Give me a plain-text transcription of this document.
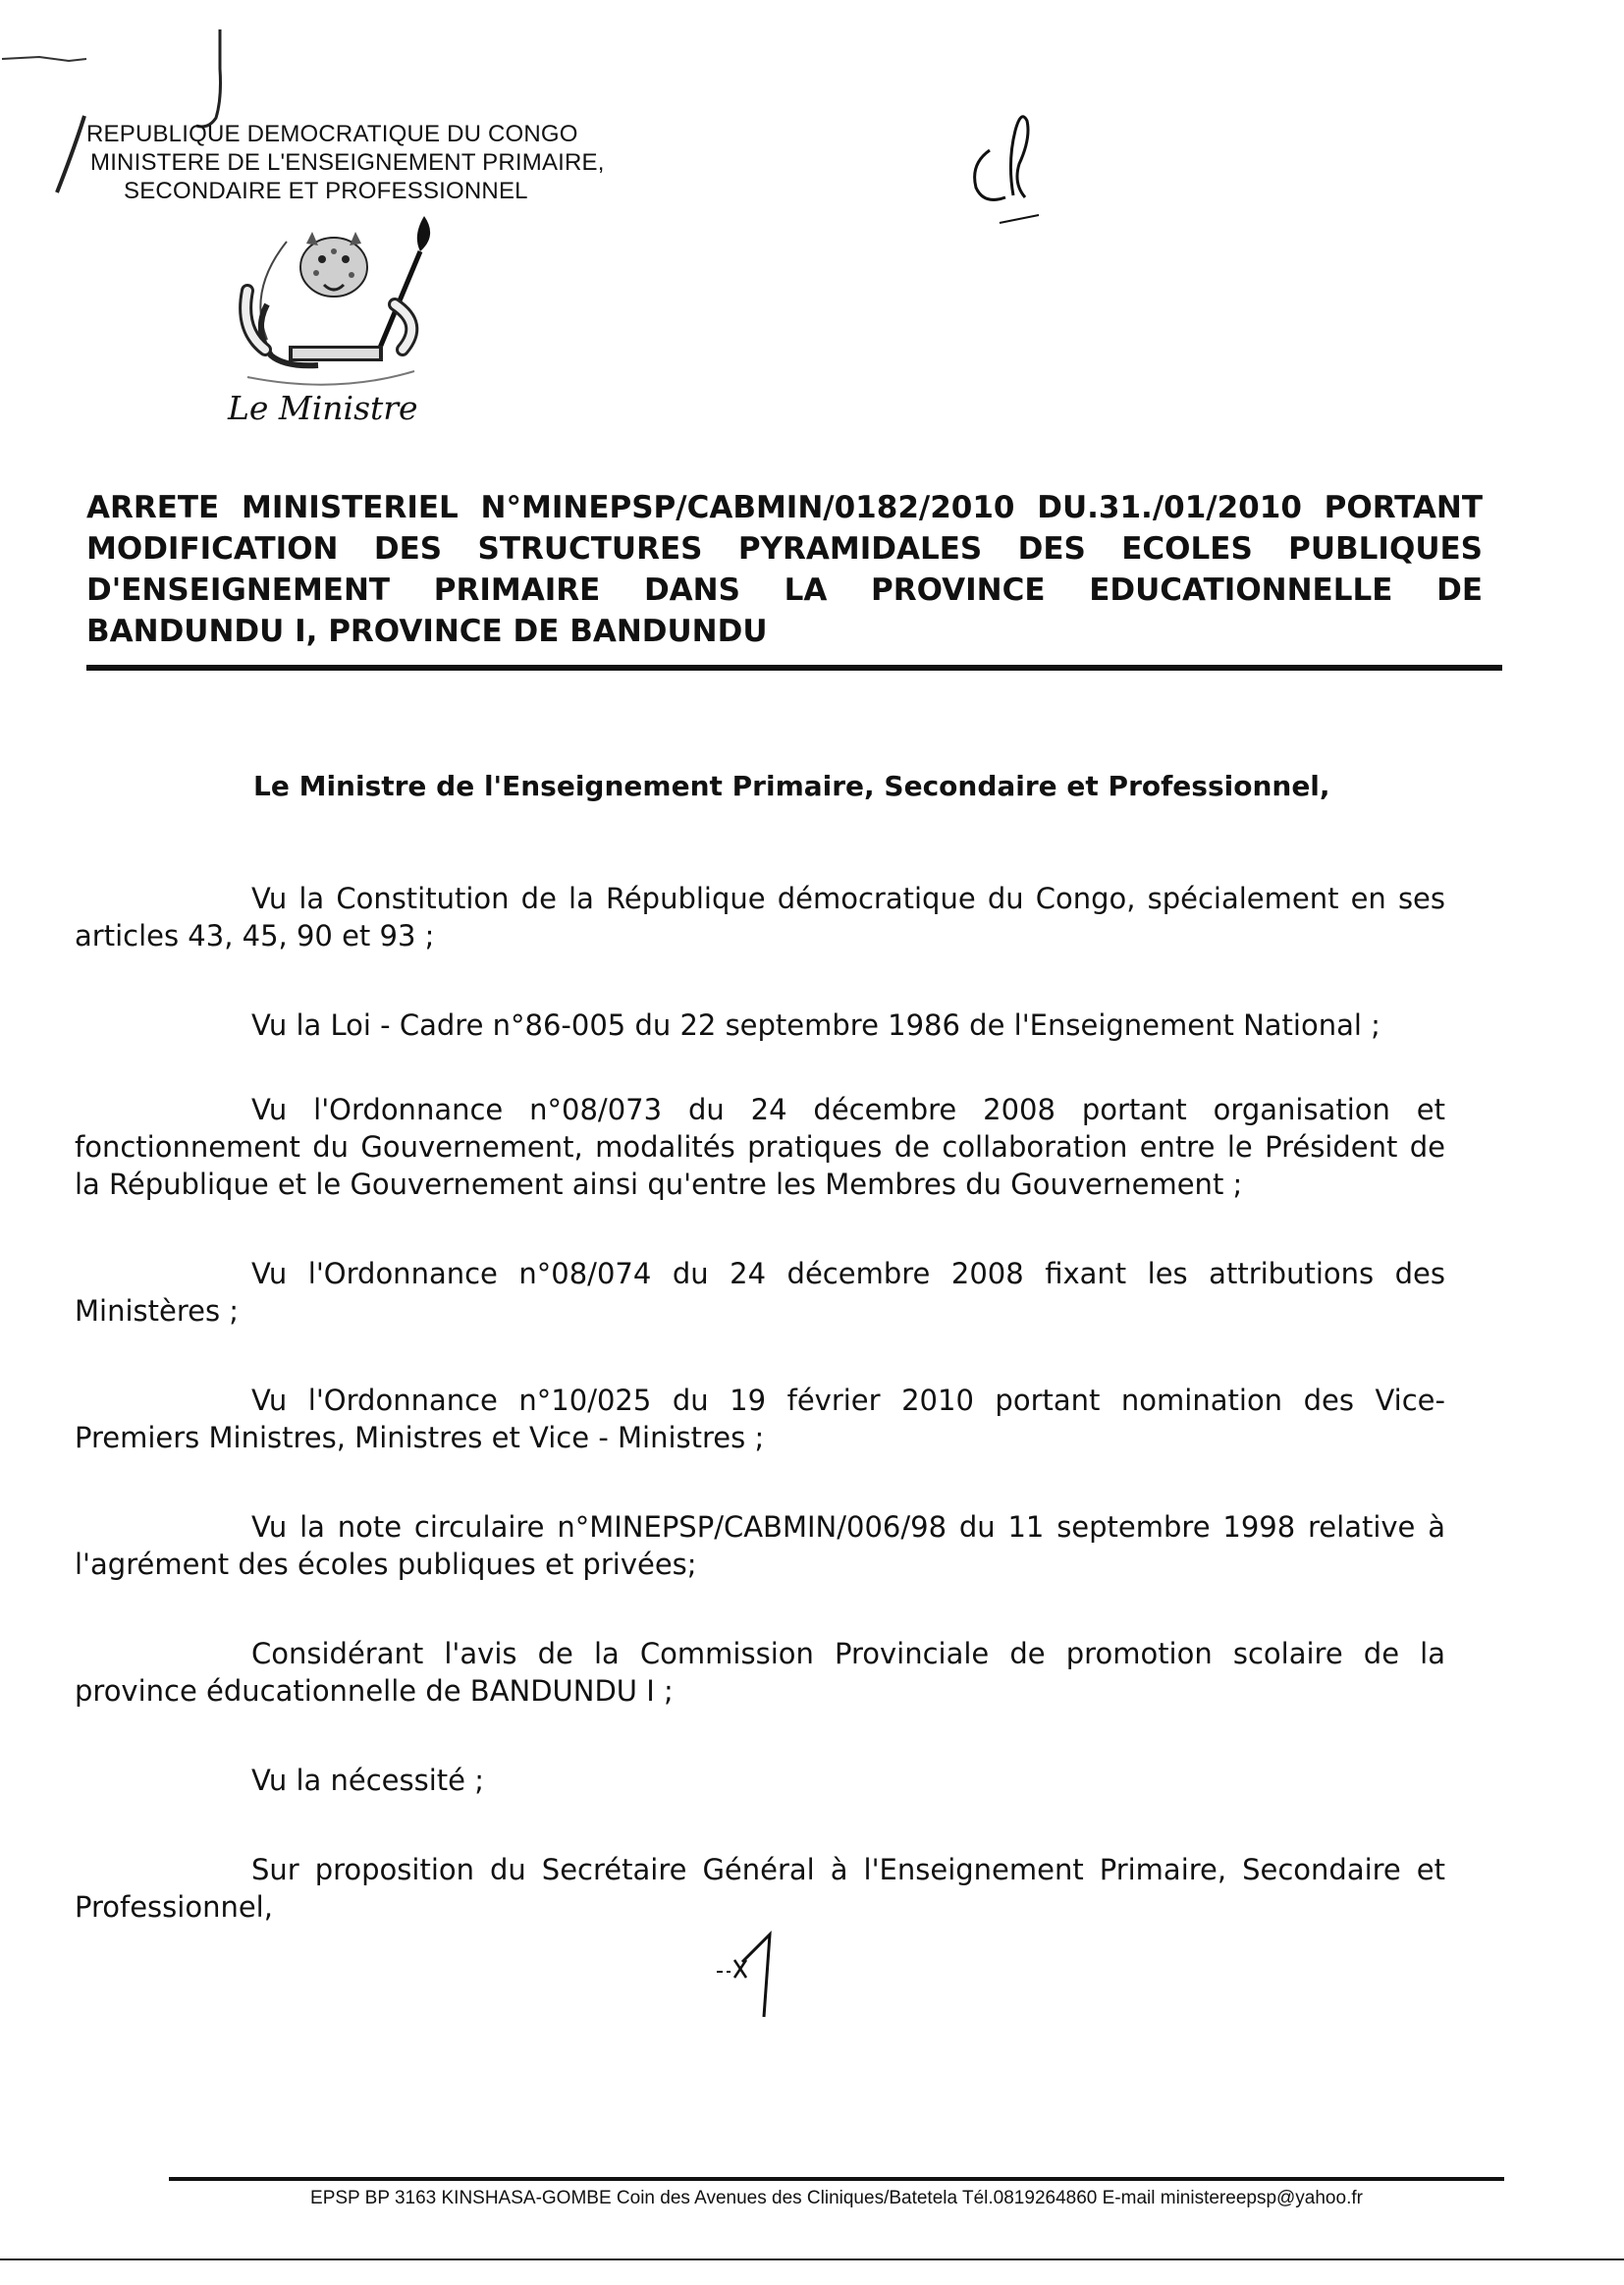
REPUBLIQUE DEMOCRATIQUE DU CONGO
MINISTERE DE L'ENSEIGNEMENT PRIMAIRE,
SECONDAIRE ET PROFESSIONNEL
Le Ministre
ARRETE MINISTERIEL N°MINEPSP/CABMIN/0182/2010 DU.31./01/2010 PORTANT MODIFICATION DES STRUCTURES PYRAMIDALES DES ECOLES PUBLIQUES D'ENSEIGNEMENT PRIMAIRE DANS LA PROVINCE EDUCATIONNELLE DE BANDUNDU I, PROVINCE DE BANDUNDU
Le Ministre de l'Enseignement Primaire, Secondaire et Professionnel,

Vu la Constitution de la République démocratique du Congo, spécialement en ses articles 43, 45, 90 et 93 ;

Vu la Loi - Cadre n°86-005 du 22 septembre 1986 de l'Enseignement National ;

Vu l'Ordonnance n°08/073 du 24 décembre 2008 portant organisation et fonctionnement du Gouvernement, modalités pratiques de collaboration entre le Président de la République et le Gouvernement ainsi qu'entre les Membres du Gouvernement ;

Vu l'Ordonnance n°08/074 du 24 décembre 2008 fixant les attributions des Ministères ;

Vu l'Ordonnance n°10/025 du 19 février 2010 portant nomination des Vice-Premiers Ministres, Ministres et Vice - Ministres ;

Vu la note circulaire n°MINEPSP/CABMIN/006/98 du 11 septembre 1998 relative à l'agrément des écoles publiques et privées;

Considérant l'avis de la Commission Provinciale de promotion scolaire de la province éducationnelle de BANDUNDU I ;

Vu la nécessité ;

Sur proposition du Secrétaire Général à l'Enseignement Primaire, Secondaire et Professionnel,

EPSP BP 3163 KINSHASA-GOMBE Coin des Avenues des Cliniques/Batetela Tél.0819264860 E-mail ministereepsp@yahoo.fr
